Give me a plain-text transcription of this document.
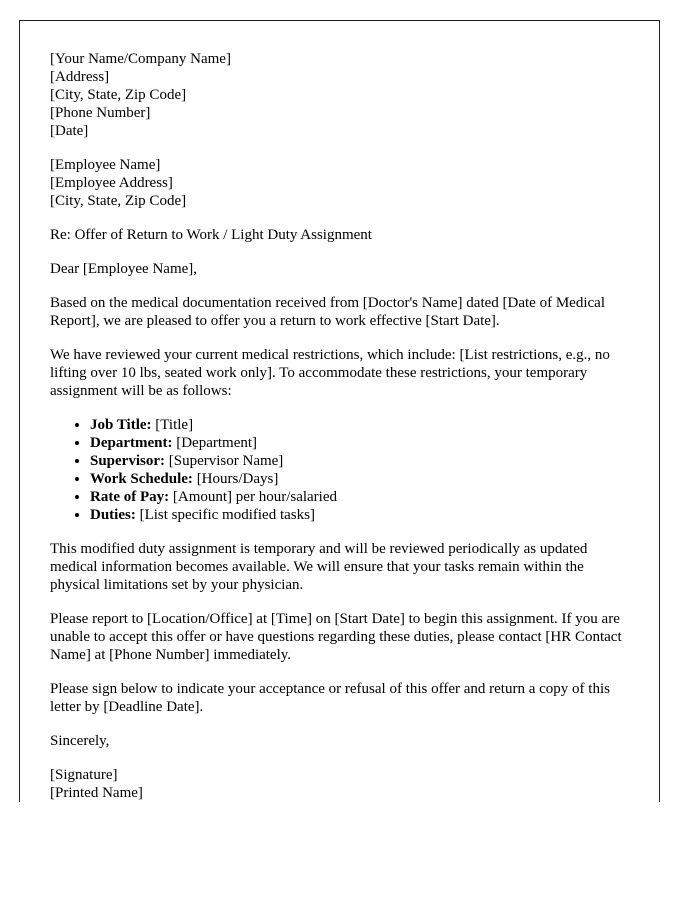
[Your Name/Company Name]
[Address]
[City, State, Zip Code]
[Phone Number]
[Date]
[Employee Name]
[Employee Address]
[City, State, Zip Code]

Re: Offer of Return to Work / Light Duty Assignment

Dear [Employee Name],

Based on the medical documentation received from [Doctor's Name] dated [Date of Medical Report], we are pleased to offer you a return to work effective [Start Date].

We have reviewed your current medical restrictions, which include: [List restrictions, e.g., no lifting over 10 lbs, seated work only]. To accommodate these restrictions, your temporary assignment will be as follows:

• Job Title: [Title]
• Department: [Department]
• Supervisor: [Supervisor Name]
• Work Schedule: [Hours/Days]
• Rate of Pay: [Amount] per hour/salaried
• Duties: [List specific modified tasks]

This modified duty assignment is temporary and will be reviewed periodically as updated medical information becomes available. We will ensure that your tasks remain within the physical limitations set by your physician.

Please report to [Location/Office] at [Time] on [Start Date] to begin this assignment. If you are unable to accept this offer or have questions regarding these duties, please contact [HR Contact Name] at [Phone Number] immediately.

Please sign below to indicate your acceptance or refusal of this offer and return a copy of this letter by [Deadline Date].

Sincerely,

[Signature]
[Printed Name]
